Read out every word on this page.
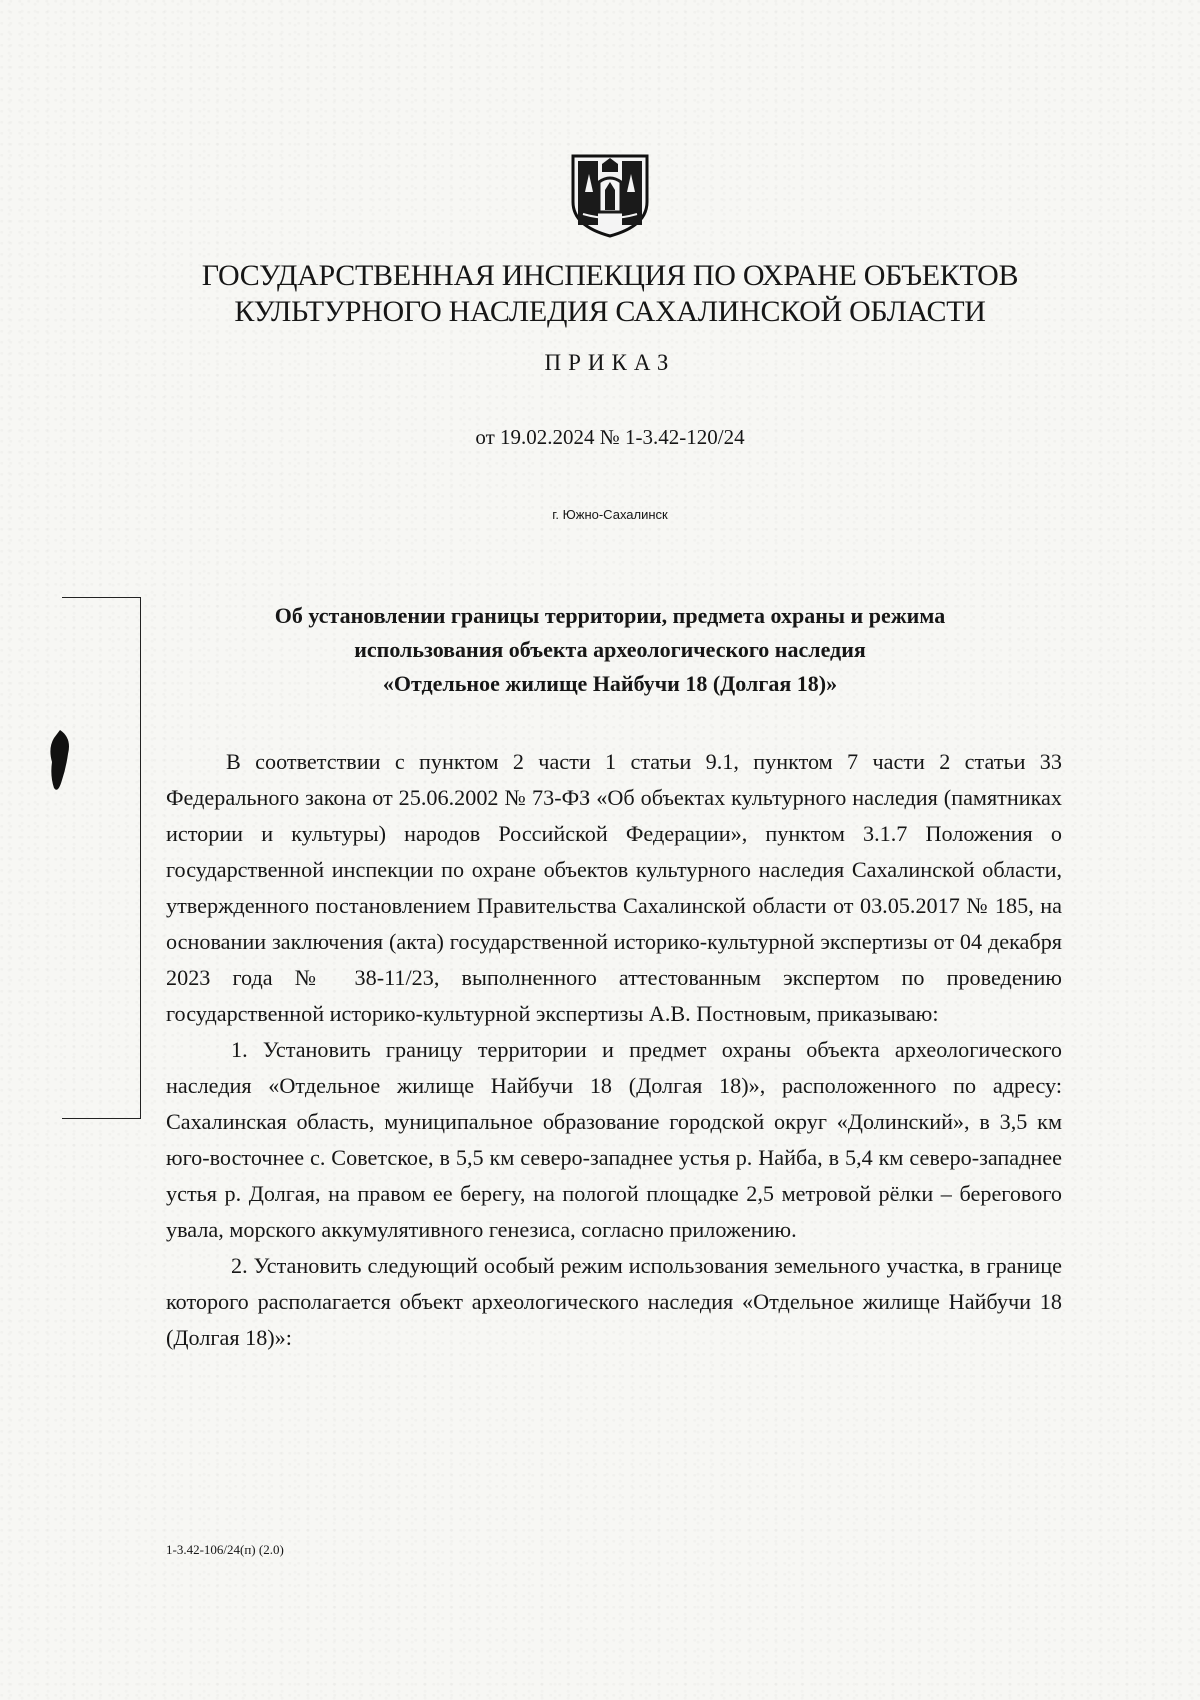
ГОСУДАРСТВЕННАЯ ИНСПЕКЦИЯ ПО ОХРАНЕ ОБЪЕКТОВ
КУЛЬТУРНОГО НАСЛЕДИЯ САХАЛИНСКОЙ ОБЛАСТИ
ПРИКАЗ
от 19.02.2024 № 1-3.42-120/24
г. Южно-Сахалинск
Об установлении границы территории, предмета охраны и режима
использования объекта археологического наследия
«Отдельное жилище Найбучи 18 (Долгая 18)»

В соответствии с пунктом 2 части 1 статьи 9.1, пунктом 7 части 2 статьи 33 Федерального закона от 25.06.2002 № 73-ФЗ «Об объектах культурного наследия (памятниках истории и культуры) народов Российской Федерации», пунктом 3.1.7 Положения о государственной инспекции по охране объектов культурного наследия Сахалинской области, утвержденного постановлением Правительства Сахалинской области от 03.05.2017 № 185, на основании заключения (акта) государственной историко-культурной экспертизы от 04 декабря 2023 года № 38-11/23, выполненного аттестованным экспертом по проведению государственной историко-культурной экспертизы А.В. Постновым, приказываю:

1. Установить границу территории и предмет охраны объекта археологического наследия «Отдельное жилище Найбучи 18 (Долгая 18)», расположенного по адресу: Сахалинская область, муниципальное образование городской округ «Долинский», в 3,5 км юго-восточнее с. Советское, в 5,5 км северо-западнее устья р. Найба, в 5,4 км северо-западнее устья р. Долгая, на правом ее берегу, на пологой площадке 2,5 метровой рёлки – берегового увала, морского аккумулятивного генезиса, согласно приложению.

2. Установить следующий особый режим использования земельного участка, в границе которого располагается объект археологического наследия «Отдельное жилище Найбучи 18 (Долгая 18)»:

1-3.42-106/24(п) (2.0)
